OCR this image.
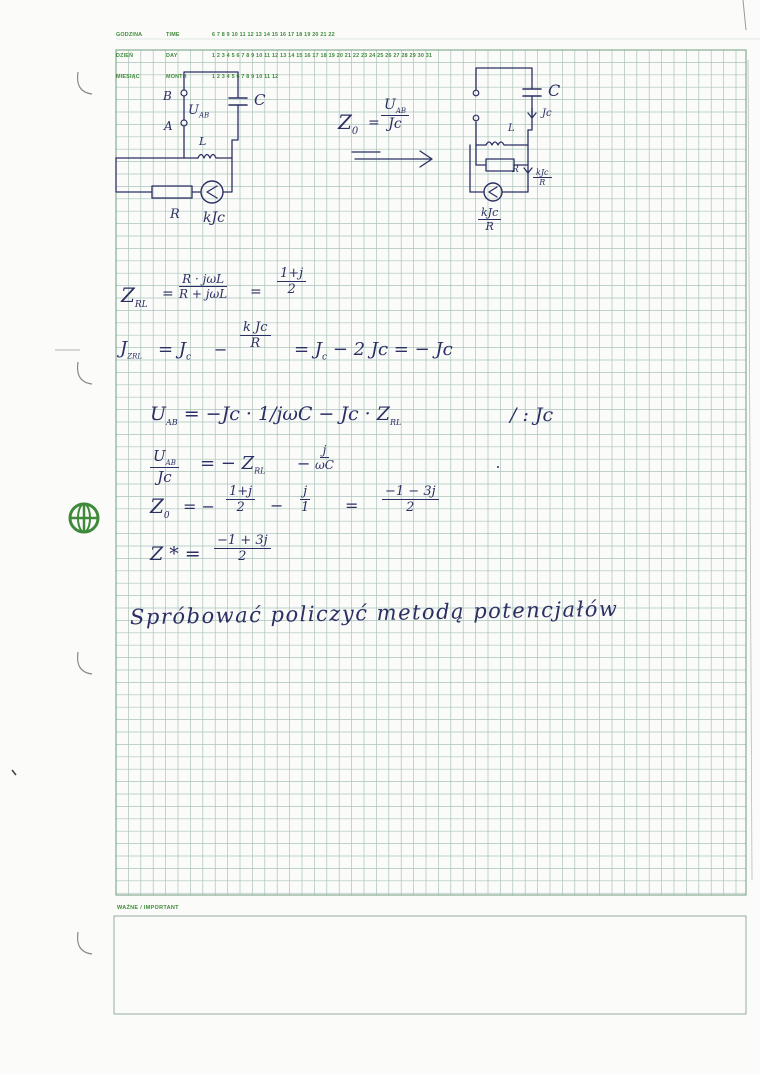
GODZINA

DZIEŃ

MIESIĄC

TIME

DAY

MONTH

6 7 8 9 10 11 12 13 14 15 16 17 18 19 20 21 22

1 2 3 4 5 6 7 8 9 10 11 12 13 14 15 16 17 18 19 20 21 22 23 24 25 26 27 28 29 30 31

1 2 3 4 5 6 7 8 9 10 11 12

B
A
$U_{AB}$
C
L
R kJc
$Z_0$
=
$U_{AB}$
Jc
C
Jc
L
R	kJc
R
kJc
R
$Z_{RL}$
=
R · jωL
$R + j\omega L = \frac{1+j}{2}$
$J_{ZRL} = J_c - \frac{\text{k Jc}}{R} = J_c - 2$ Jc = − Jc
$U_{AB} = -Jc \cdot 1/j\omega C - Jc \cdot Z_{RL}$	/ : Jc
$U_{AB}$
Jc
= − $Z_{RL} - \frac{j}{\omega C}$
$Z_0$ = − $\frac{1+j}{2} - \frac{j}{1} = \frac{-1 - 3j}{2}$
Z * = $\frac{-1 + 3j}{2}$
Spróbować policzyć metodą potencjałów
WAŻNE / IMPORTANT
